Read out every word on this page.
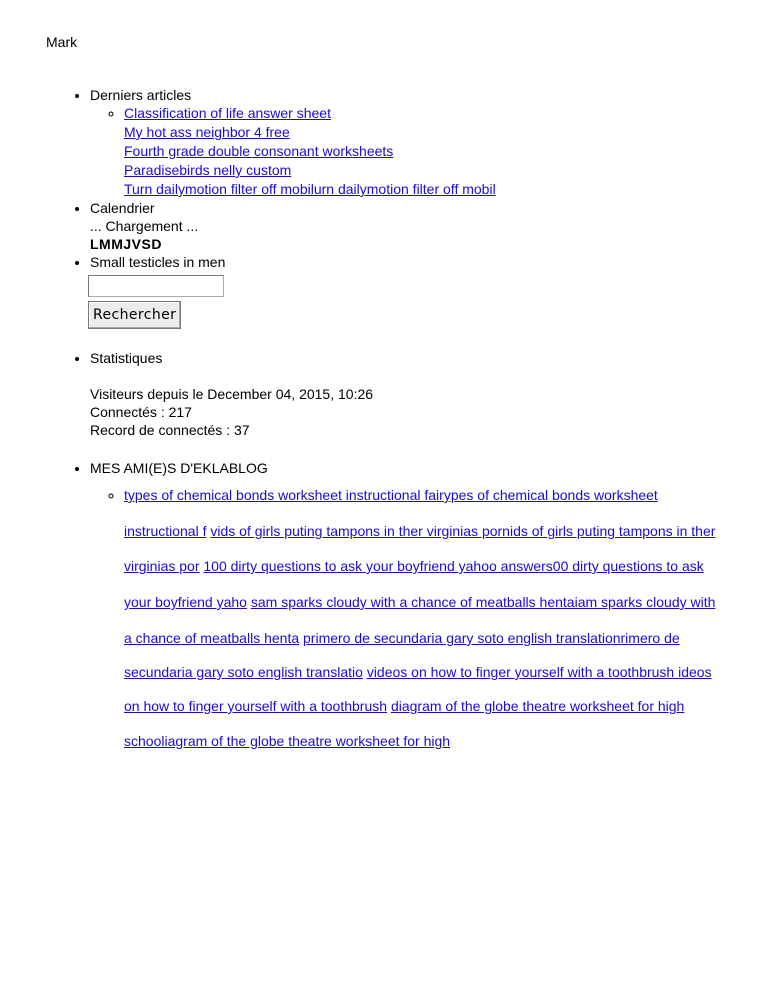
Mark
• Derniers articles
◦ Classification of life answer sheet
My hot ass neighbor 4 free
Fourth grade double consonant worksheets
Paradisebirds nelly custom
Turn dailymotion filter off mobilurn dailymotion filter off mobil
• Calendrier
... Chargement ...
LMMJVSD
• Small testicles in men
Rechercher
• Statistiques
Visiteurs depuis le December 04, 2015, 10:26
Connectés : 217
Record de connectés : 37
• MES AMI(E)S D'EKLABLOG
◦ types of chemical bonds worksheet instructional fairypes of chemical bonds worksheet instructional f vids of girls puting tampons in ther virginias pornids of girls puting tampons in ther virginias por 100 dirty questions to ask your boyfriend yahoo answers00 dirty questions to ask your boyfriend yaho sam sparks cloudy with a chance of meatballs hentaiam sparks cloudy with a chance of meatballs henta primero de secundaria gary soto english translationrimero de secundaria gary soto english translatio videos on how to finger yourself with a toothbrush ideos on how to finger yourself with a toothbrush diagram of the globe theatre worksheet for high schooliagram of the globe theatre worksheet for high
